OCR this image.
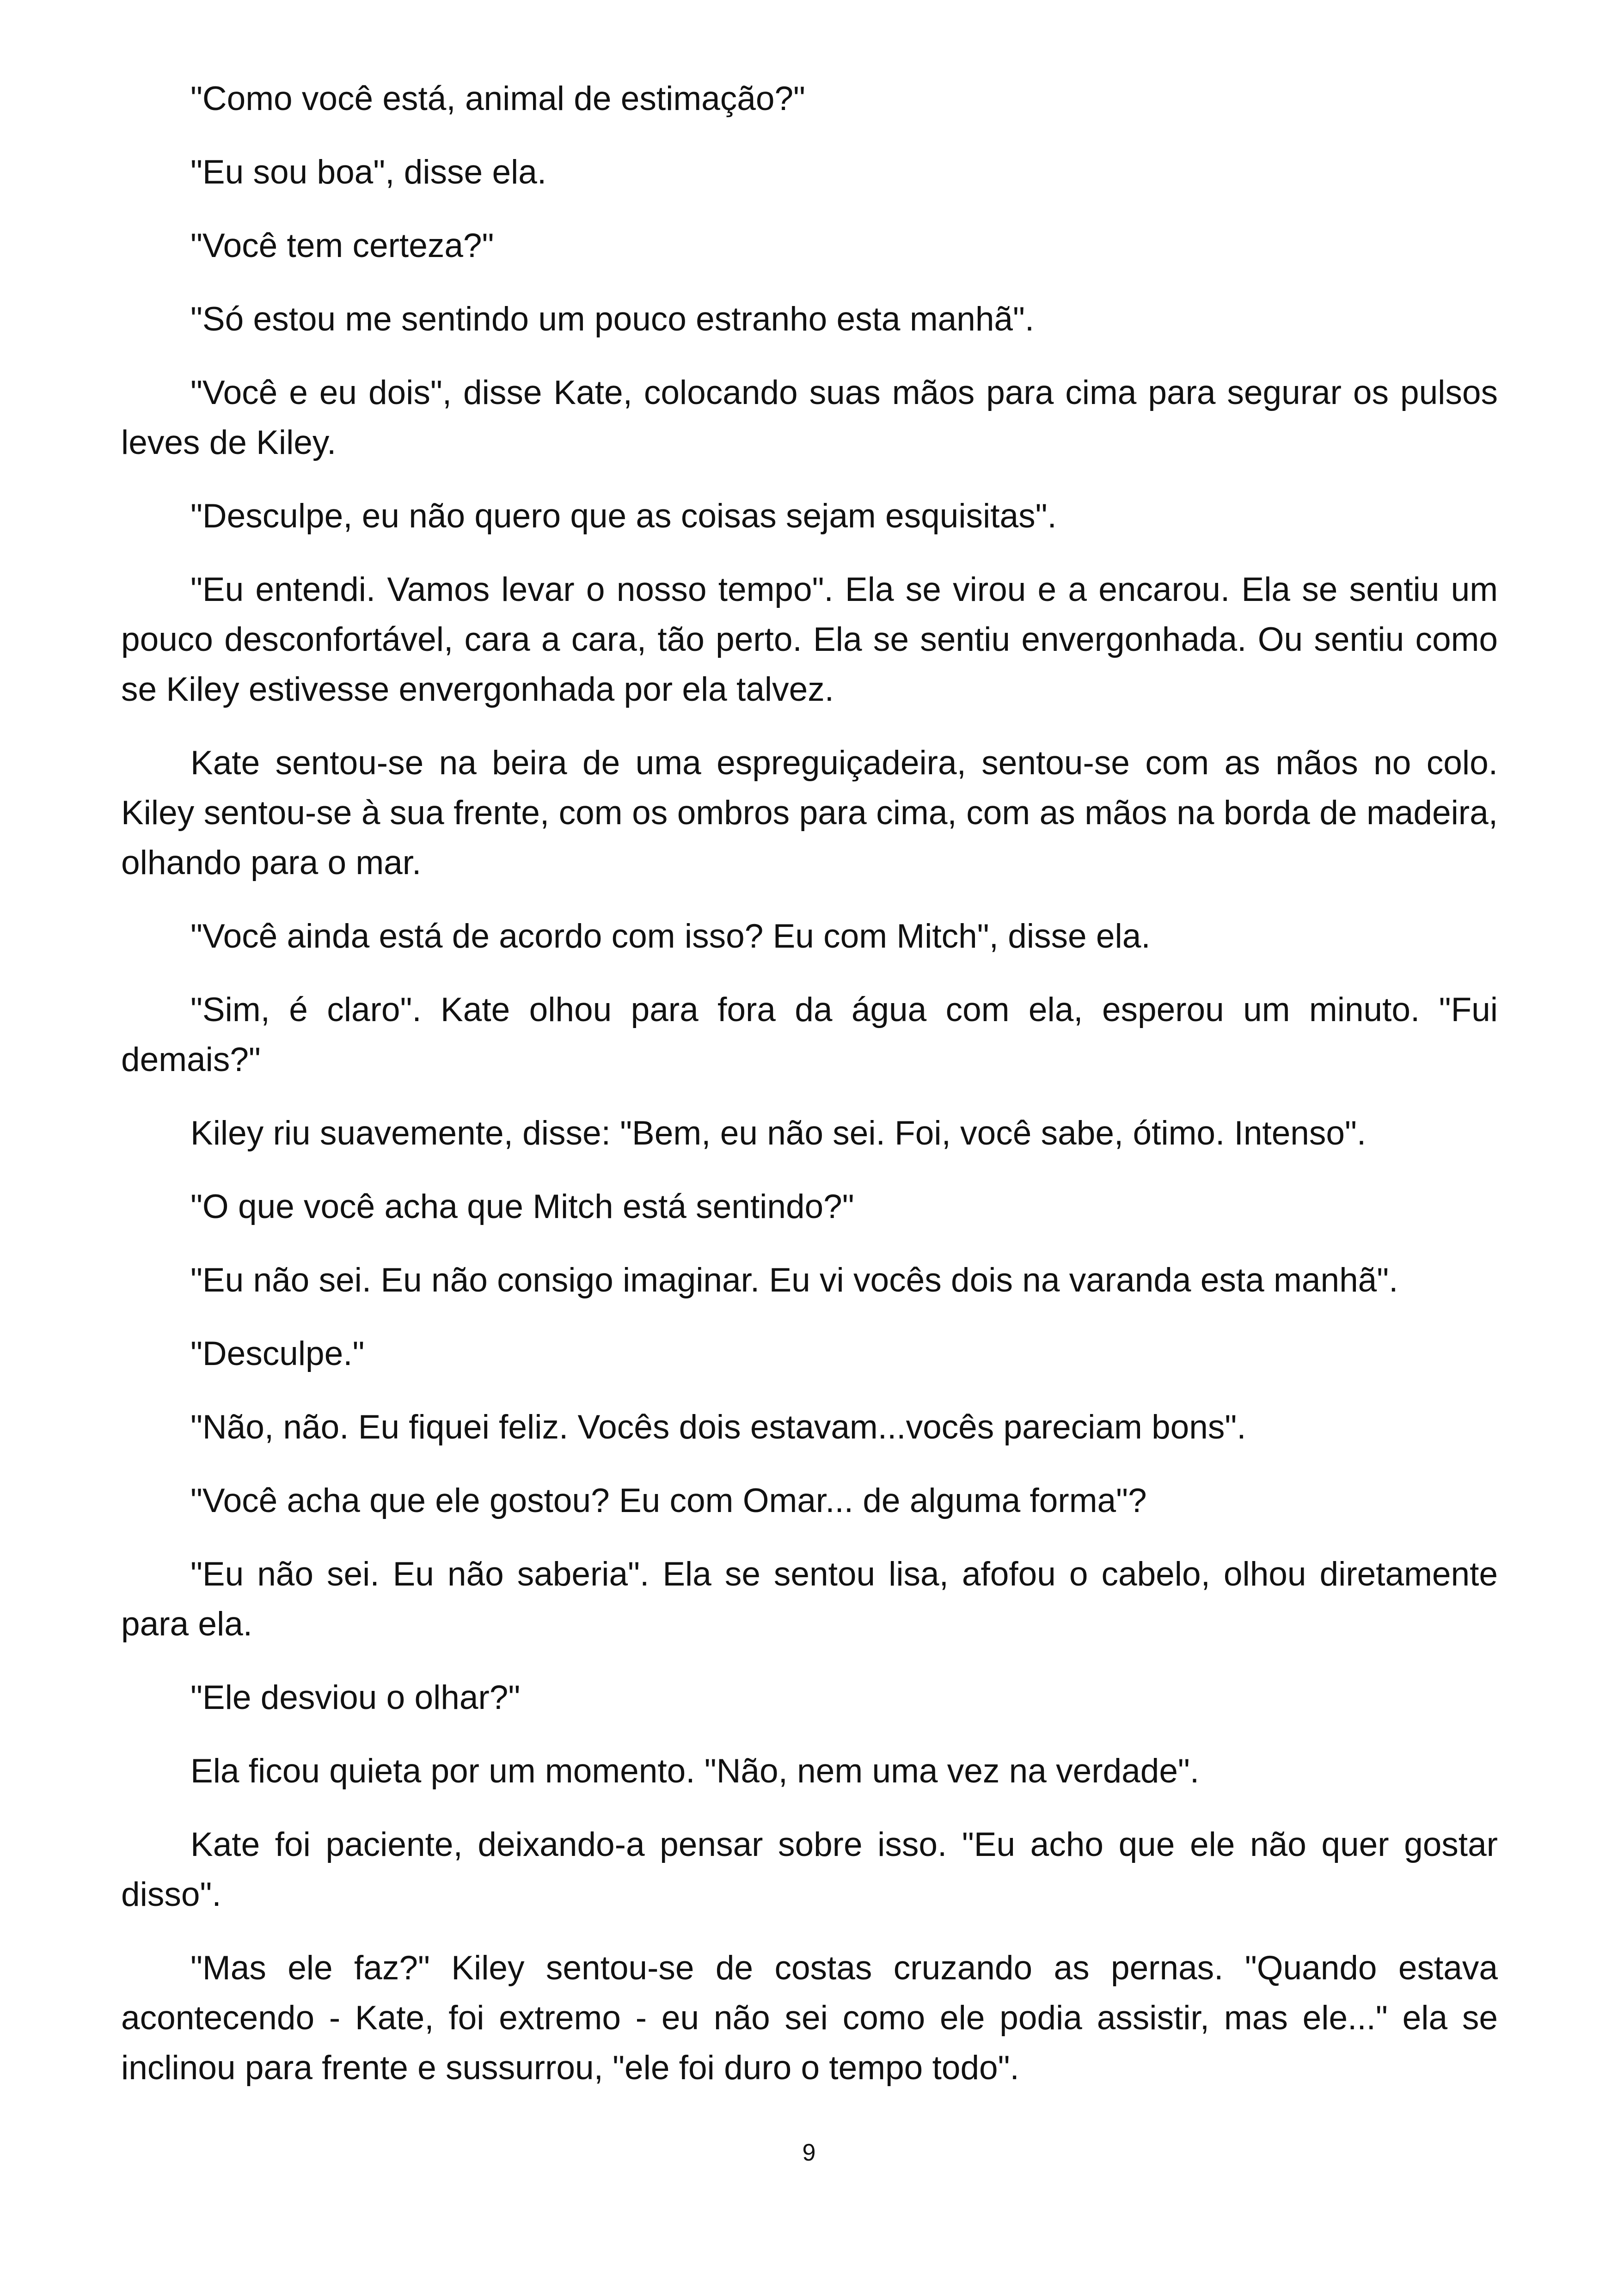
"Como você está, animal de estimação?"

"Eu sou boa", disse ela.

"Você tem certeza?"

"Só estou me sentindo um pouco estranho esta manhã".

"Você e eu dois", disse Kate, colocando suas mãos para cima para segurar os pulsos leves de Kiley.

"Desculpe, eu não quero que as coisas sejam esquisitas".

"Eu entendi. Vamos levar o nosso tempo". Ela se virou e a encarou. Ela se sentiu um pouco desconfortável, cara a cara, tão perto. Ela se sentiu envergonhada. Ou sentiu como se Kiley estivesse envergonhada por ela talvez.

Kate sentou-se na beira de uma espreguiçadeira, sentou-se com as mãos no colo. Kiley sentou-se à sua frente, com os ombros para cima, com as mãos na borda de madeira, olhando para o mar.

"Você ainda está de acordo com isso? Eu com Mitch", disse ela.

"Sim, é claro". Kate olhou para fora da água com ela, esperou um minuto. "Fui demais?"

Kiley riu suavemente, disse: "Bem, eu não sei. Foi, você sabe, ótimo. Intenso".

"O que você acha que Mitch está sentindo?"

"Eu não sei. Eu não consigo imaginar. Eu vi vocês dois na varanda esta manhã".

"Desculpe."

"Não, não. Eu fiquei feliz. Vocês dois estavam...vocês pareciam bons".

"Você acha que ele gostou? Eu com Omar... de alguma forma"?

"Eu não sei. Eu não saberia". Ela se sentou lisa, afofou o cabelo, olhou diretamente para ela.

"Ele desviou o olhar?"

Ela ficou quieta por um momento. "Não, nem uma vez na verdade".

Kate foi paciente, deixando-a pensar sobre isso. "Eu acho que ele não quer gostar disso".

"Mas ele faz?" Kiley sentou-se de costas cruzando as pernas. "Quando estava acontecendo - Kate, foi extremo - eu não sei como ele podia assistir, mas ele..." ela se inclinou para frente e sussurrou, "ele foi duro o tempo todo".

9
